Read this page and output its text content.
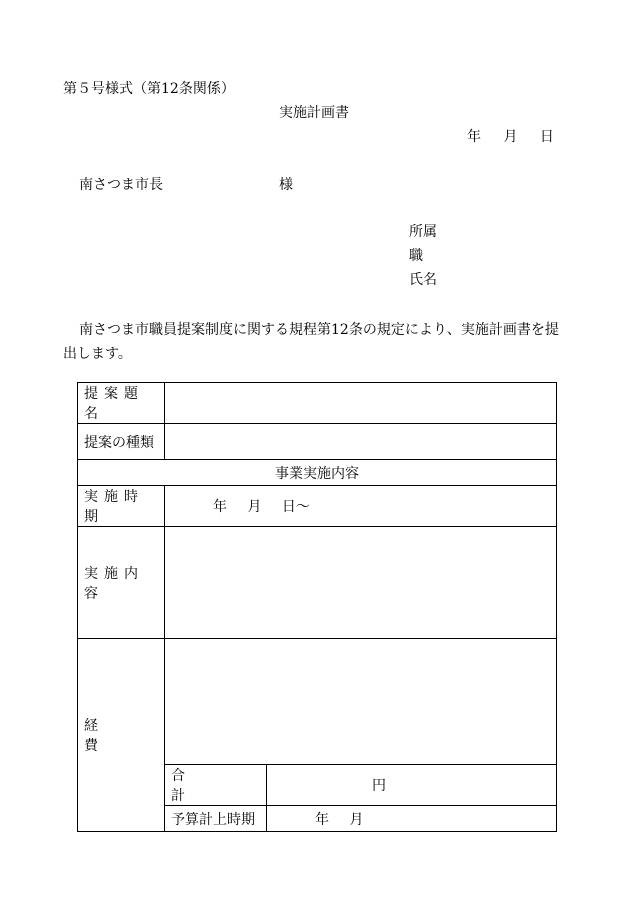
第５号様式（第12条関係）
実施計画書
年 月 日
南さつま市長	様
所属
職
氏名
南さつま市職員提案制度に関する規程第12条の規定により、実施計画書を提出します。
提案題名		
提案の種類		
事業実施内容		
実施時期	年 月 日～	
実施内容		
経費		
	合計	円
	予算計上時期	年 月
